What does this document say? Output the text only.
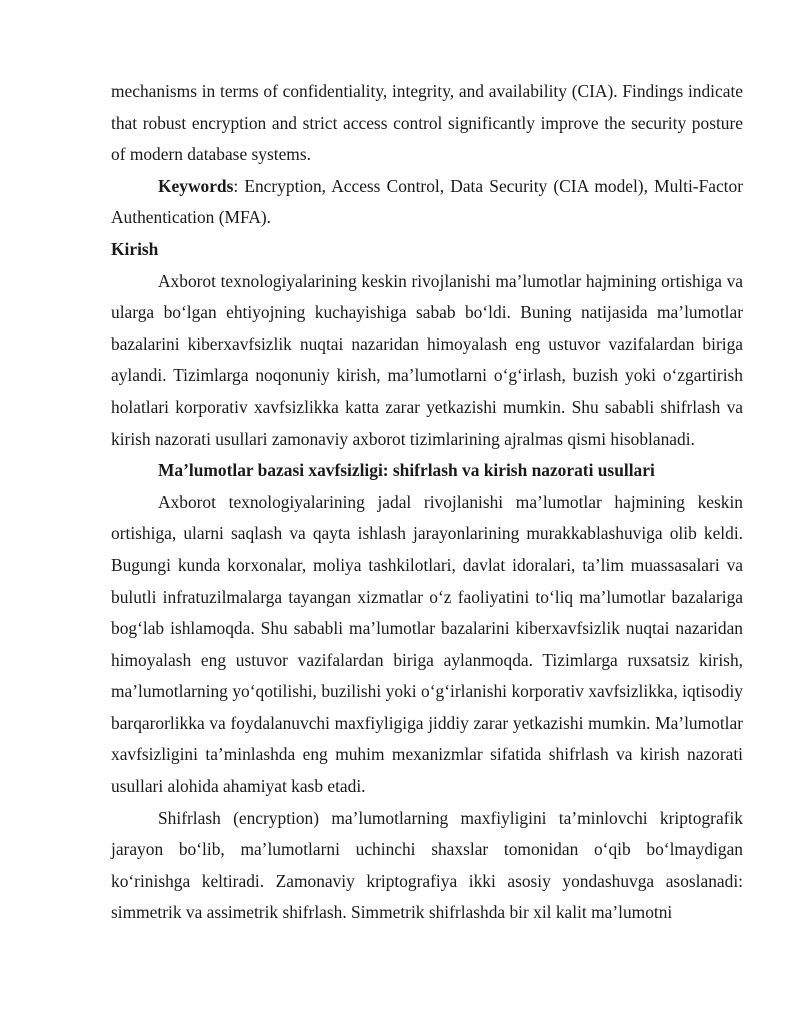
mechanisms in terms of confidentiality, integrity, and availability (CIA). Findings indicate that robust encryption and strict access control significantly improve the security posture of modern database systems.

Keywords: Encryption, Access Control, Data Security (CIA model), Multi-Factor Authentication (MFA).

Kirish

Axborot texnologiyalarining keskin rivojlanishi ma’lumotlar hajmining ortishiga va ularga bo‘lgan ehtiyojning kuchayishiga sabab bo‘ldi. Buning natijasida ma’lumotlar bazalarini kiberxavfsizlik nuqtai nazaridan himoyalash eng ustuvor vazifalardan biriga aylandi. Tizimlarga noqonuniy kirish, ma’lumotlarni o‘g‘irlash, buzish yoki o‘zgartirish holatlari korporativ xavfsizlikka katta zarar yetkazishi mumkin. Shu sababli shifrlash va kirish nazorati usullari zamonaviy axborot tizimlarining ajralmas qismi hisoblanadi.

Ma’lumotlar bazasi xavfsizligi: shifrlash va kirish nazorati usullari

Axborot texnologiyalarining jadal rivojlanishi ma’lumotlar hajmining keskin ortishiga, ularni saqlash va qayta ishlash jarayonlarining murakkablashuviga olib keldi. Bugungi kunda korxonalar, moliya tashkilotlari, davlat idoralari, ta’lim muassasalari va bulutli infratuzilmalarga tayangan xizmatlar o‘z faoliyatini to‘liq ma’lumotlar bazalariga bog‘lab ishlamoqda. Shu sababli ma’lumotlar bazalarini kiberxavfsizlik nuqtai nazaridan himoyalash eng ustuvor vazifalardan biriga aylanmoqda. Tizimlarga ruxsatsiz kirish, ma’lumotlarning yo‘qotilishi, buzilishi yoki o‘g‘irlanishi korporativ xavfsizlikka, iqtisodiy barqarorlikka va foydalanuvchi maxfiyligiga jiddiy zarar yetkazishi mumkin. Ma’lumotlar xavfsizligini ta’minlashda eng muhim mexanizmlar sifatida shifrlash va kirish nazorati usullari alohida ahamiyat kasb etadi.

Shifrlash (encryption) ma’lumotlarning maxfiyligini ta’minlovchi kriptografik jarayon bo‘lib, ma’lumotlarni uchinchi shaxslar tomonidan o‘qib bo‘lmaydigan ko‘rinishga keltiradi. Zamonaviy kriptografiya ikki asosiy yondashuvga asoslanadi: simmetrik va assimetrik shifrlash. Simmetrik shifrlashda bir xil kalit ma’lumotni
